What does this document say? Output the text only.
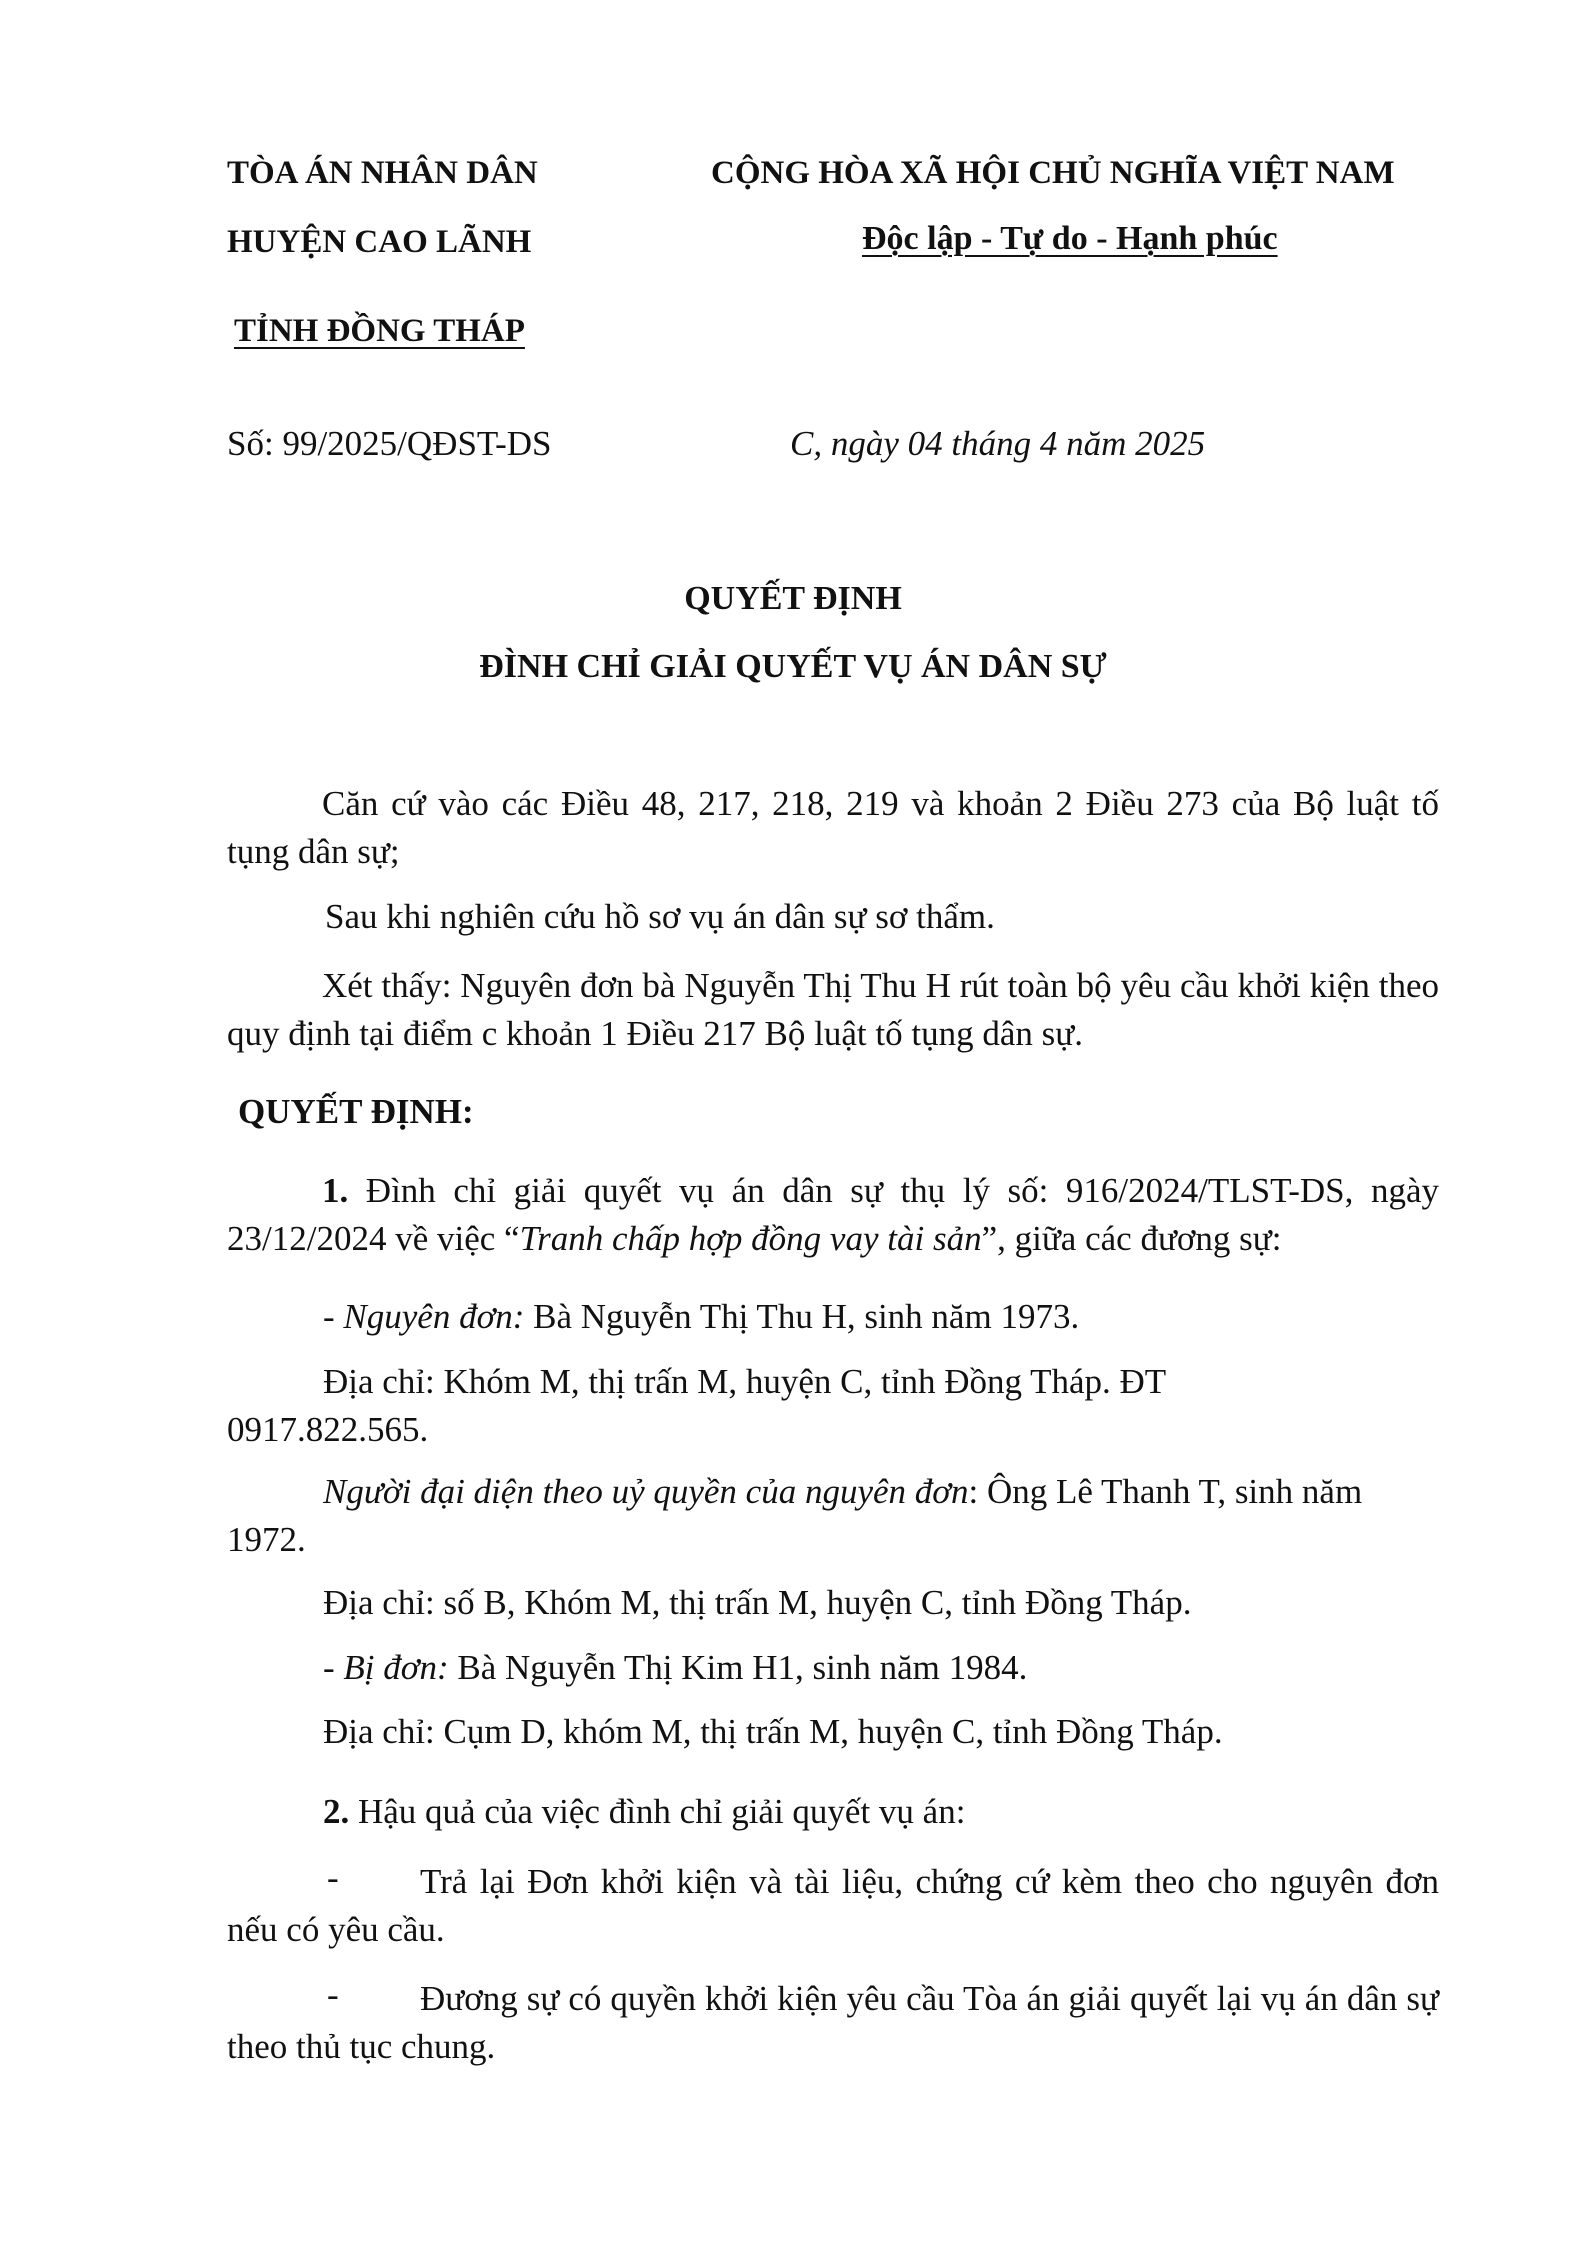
TÒA ÁN NHÂN DÂN
HUYỆN CAO LÃNH
TỈNH ĐỒNG THÁP
CỘNG HÒA XÃ HỘI CHỦ NGHĨA VIỆT NAM
Độc lập - Tự do - Hạnh phúc
Số: 99/2025/QĐST-DS	C, ngày 04 tháng 4 năm 2025
QUYẾT ĐỊNH
ĐÌNH CHỈ GIẢI QUYẾT VỤ ÁN DÂN SỰ
Căn cứ vào các Điều 48, 217, 218, 219 và khoản 2 Điều 273 của Bộ luật tố tụng dân sự;
Sau khi nghiên cứu hồ sơ vụ án dân sự sơ thẩm.
Xét thấy: Nguyên đơn bà Nguyễn Thị Thu H rút toàn bộ yêu cầu khởi kiện theo quy định tại điểm c khoản 1 Điều 217 Bộ luật tố tụng dân sự.
QUYẾT ĐỊNH:
1. Đình chỉ giải quyết vụ án dân sự thụ lý số: 916/2024/TLST-DS, ngày 23/12/2024 về việc “Tranh chấp hợp đồng vay tài sản”, giữa các đương sự:
- Nguyên đơn: Bà Nguyễn Thị Thu H, sinh năm 1973.
Địa chỉ: Khóm M, thị trấn M, huyện C, tỉnh Đồng Tháp. ĐT
0917.822.565.
Người đại diện theo uỷ quyền của nguyên đơn: Ông Lê Thanh T, sinh năm
1972.
Địa chỉ: số B, Khóm M, thị trấn M, huyện C, tỉnh Đồng Tháp.
- Bị đơn: Bà Nguyễn Thị Kim H1, sinh năm 1984.
Địa chỉ: Cụm D, khóm M, thị trấn M, huyện C, tỉnh Đồng Tháp.
2. Hậu quả của việc đình chỉ giải quyết vụ án:
-	Trả lại Đơn khởi kiện và tài liệu, chứng cứ kèm theo cho nguyên đơn nếu có yêu cầu.
-	Đương sự có quyền khởi kiện yêu cầu Tòa án giải quyết lại vụ án dân sự theo thủ tục chung.
